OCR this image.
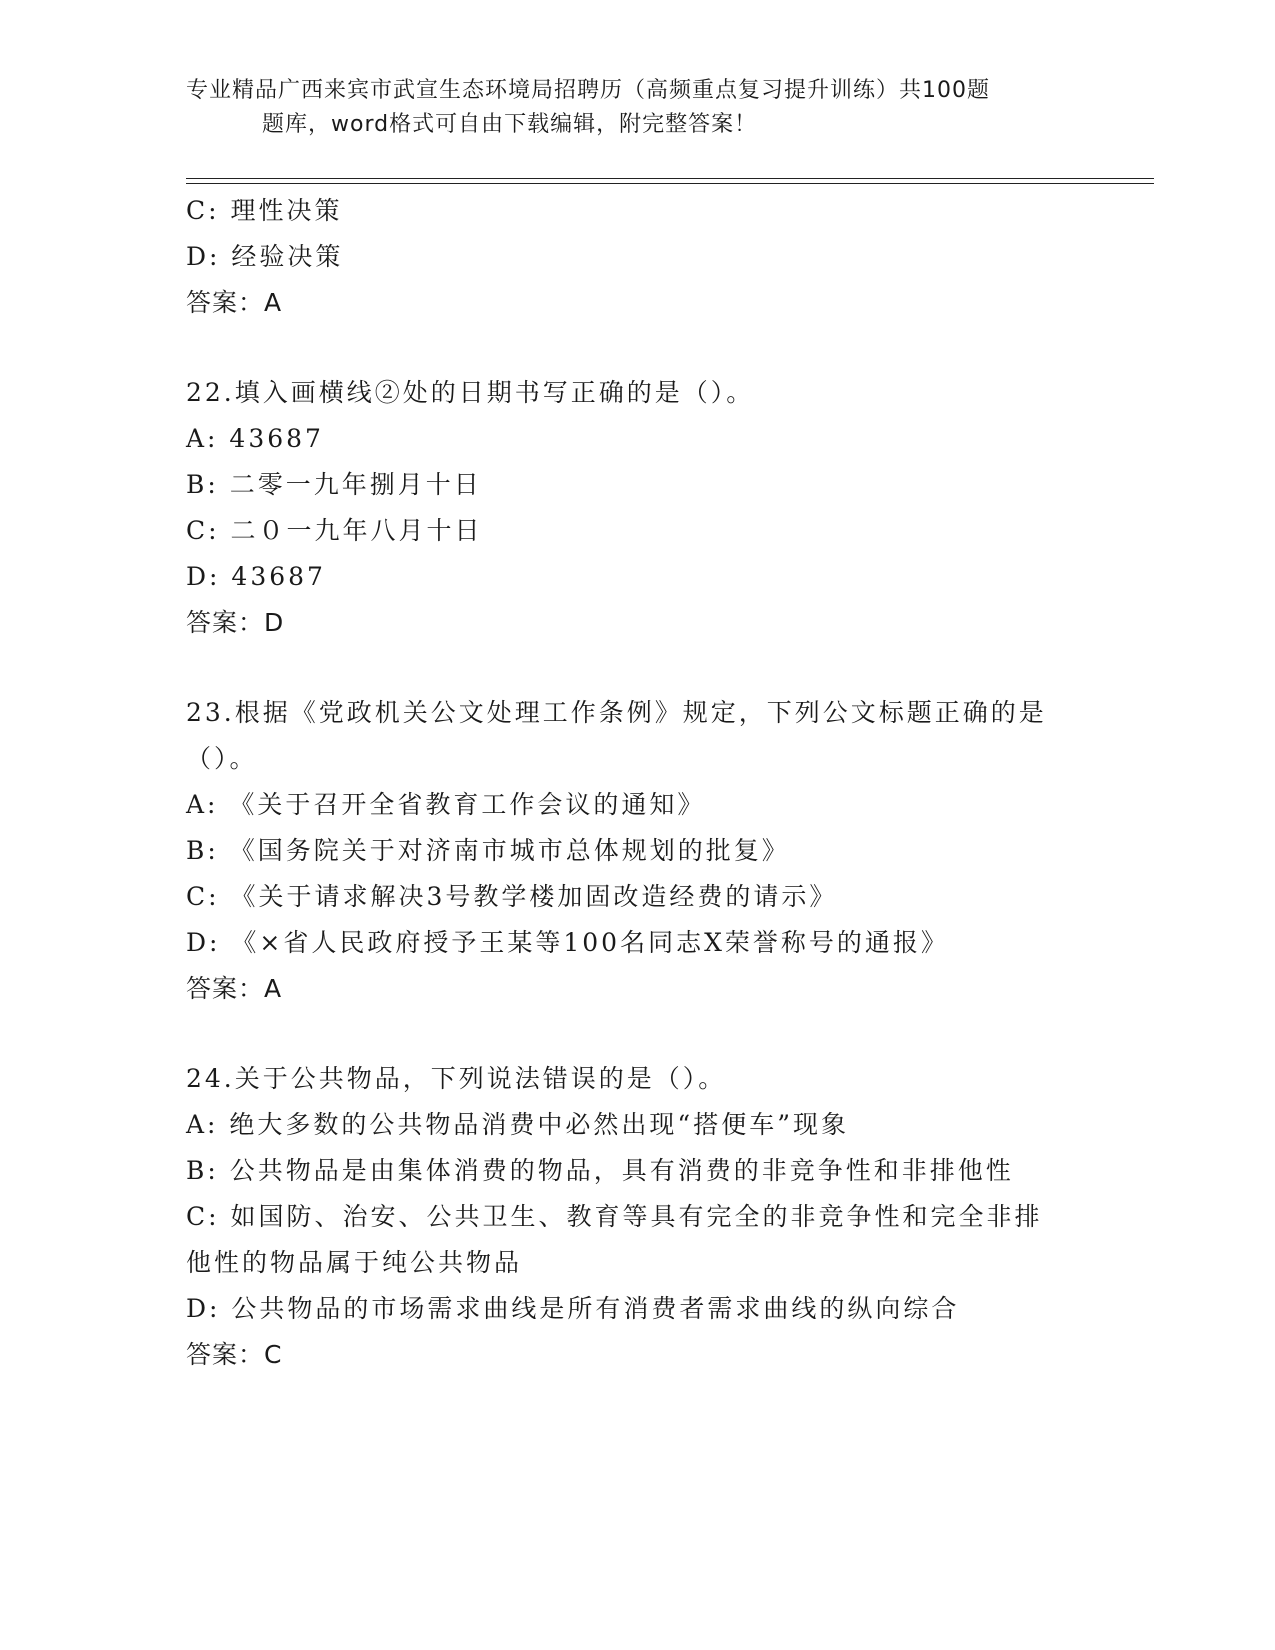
专业精品广西来宾市武宣生态环境局招聘历（高频重点复习提升训练）共100题
题库，word格式可自由下载编辑，附完整答案！
C: 理性决策
D: 经验决策
答案：A
22.填入画横线②处的日期书写正确的是（）。
A: 43687
B: 二零一九年捌月十日
C: 二０一九年八月十日
D: 43687
答案：D
23.根据《党政机关公文处理工作条例》规定，下列公文标题正确的是
（）。
A: 《关于召开全省教育工作会议的通知》
B: 《国务院关于对济南市城市总体规划的批复》
C: 《关于请求解决3号教学楼加固改造经费的请示》
D: 《×省人民政府授予王某等100名同志X荣誉称号的通报》
答案：A
24.关于公共物品，下列说法错误的是（）。
A: 绝大多数的公共物品消费中必然出现“搭便车”现象
B: 公共物品是由集体消费的物品，具有消费的非竞争性和非排他性
C: 如国防、治安、公共卫生、教育等具有完全的非竞争性和完全非排
他性的物品属于纯公共物品
D: 公共物品的市场需求曲线是所有消费者需求曲线的纵向综合
答案：C
